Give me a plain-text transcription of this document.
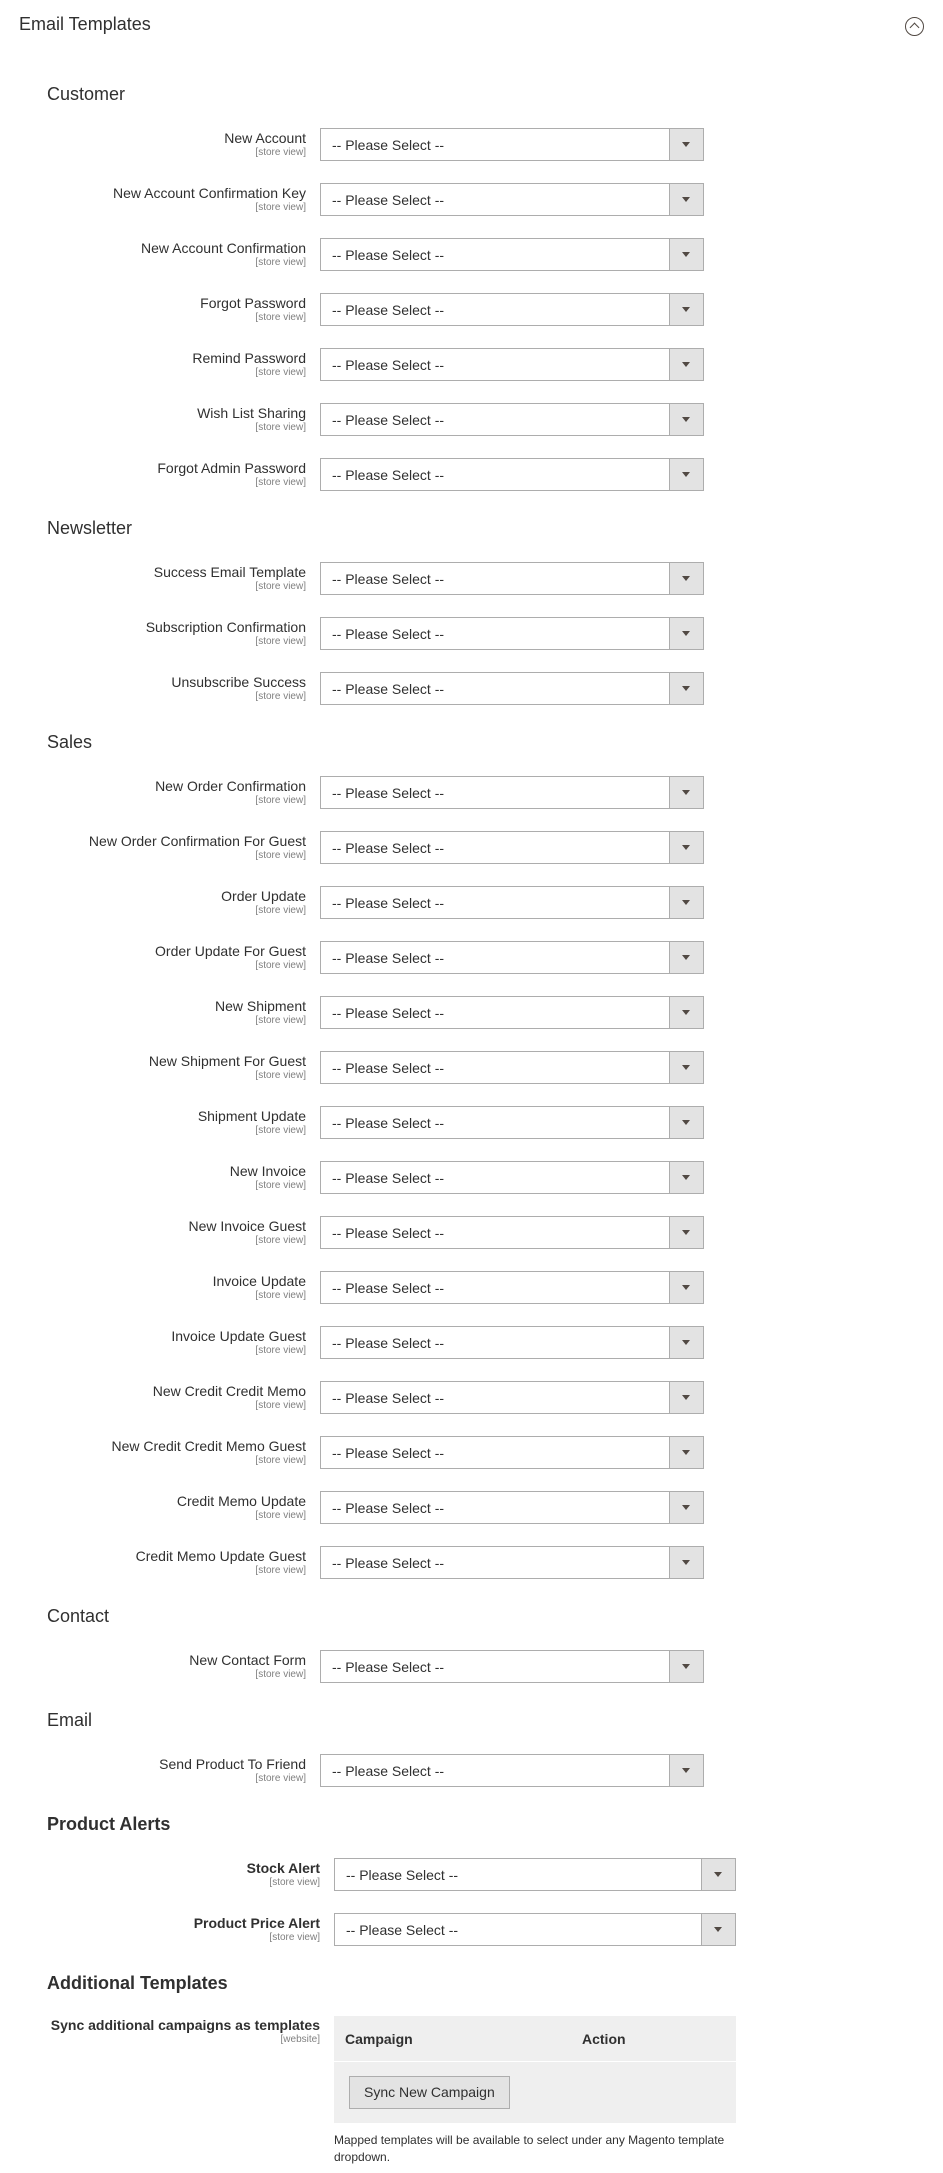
Email Templates
Customer
New Account
[store view] -- Please Select --
New Account Confirmation Key
[store view] -- Please Select --
New Account Confirmation
[store view] -- Please Select --
Forgot Password
[store view] -- Please Select --
Remind Password
[store view] -- Please Select --
Wish List Sharing
[store view] -- Please Select --
Forgot Admin Password
[store view] -- Please Select --
Newsletter
Success Email Template
[store view] -- Please Select --
Subscription Confirmation
[store view] -- Please Select --
Unsubscribe Success
[store view] -- Please Select --
Sales
New Order Confirmation
[store view] -- Please Select --
New Order Confirmation For Guest
[store view] -- Please Select --
Order Update
[store view] -- Please Select --
Order Update For Guest
[store view] -- Please Select --
New Shipment
[store view] -- Please Select --
New Shipment For Guest
[store view] -- Please Select --
Shipment Update
[store view] -- Please Select --
New Invoice
[store view] -- Please Select --
New Invoice Guest
[store view] -- Please Select --
Invoice Update
[store view] -- Please Select --
Invoice Update Guest
[store view] -- Please Select --
New Credit Credit Memo
[store view] -- Please Select --
New Credit Credit Memo Guest
[store view] -- Please Select --
Credit Memo Update
[store view] -- Please Select --
Credit Memo Update Guest
[store view] -- Please Select --
Contact
New Contact Form
[store view] -- Please Select --
Email
Send Product To Friend
[store view] -- Please Select --
Product Alerts
Stock Alert
[store view] -- Please Select --
Product Price Alert
[store view] -- Please Select --
Additional Templates
Sync additional campaigns as templates
[website] Campaign	Action
Sync New Campaign
Mapped templates will be available to select under any Magento template dropdown.
